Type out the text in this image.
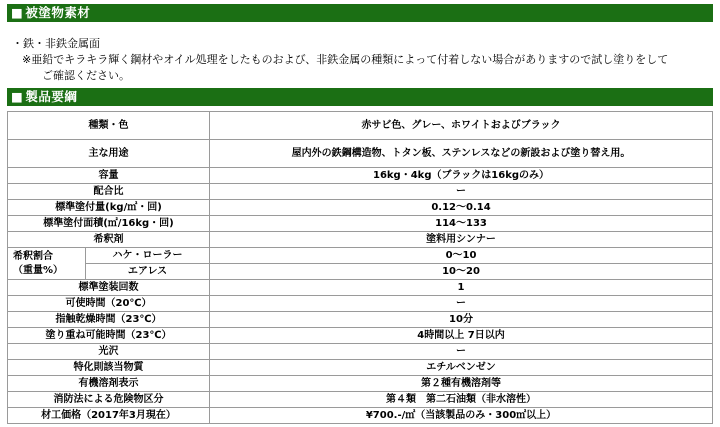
■ 被塗物素材
・鉄・非鉄金属面
※亜鉛でキラキラ輝く鋼材やオイル処理をしたものおよび、非鉄金属の種類によって付着しない場合がありますので試し塗りをして
ご確認ください。
■ 製品要綱
種類・色		赤サビ色、グレー、ホワイトおよびブラック
主な用途		屋内外の鉄鋼構造物、トタン板、ステンレスなどの新設および塗り替え用。
容量		16kg・4kg（ブラックは16kgのみ）
配合比		ー
標準塗付量(kg/㎡・回)		0.12～0.14
標準塗付面積(㎡/16kg・回)		114～133
希釈剤		塗料用シンナー
希釈割合
（重量%）	ハケ・ローラー	0～10
	エアレス	10～20
標準塗装回数		1
可使時間（20℃）		ー
指触乾燥時間（23℃）		10分
塗り重ね可能時間（23℃）		4時間以上 7日以内
光沢		ー
特化則該当物質		エチルベンゼン
有機溶剤表示		第２種有機溶剤等
消防法による危険物区分		第４類　第二石油類（非水溶性）
材工価格（2017年3月現在）		¥700.-/㎡（当該製品のみ・300㎡以上）
